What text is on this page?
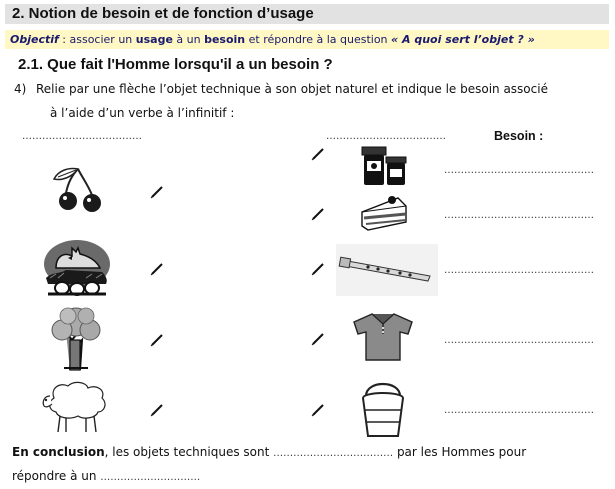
2. Notion de besoin et de fonction d’usage
Objectif : associer un usage à un besoin et répondre à la question « A quoi sert l’objet ? »
2.1. Que fait l'Homme lorsqu'il a un besoin ?
4) Relie par une flèche l’objet technique à son objet naturel et indique le besoin associé
à l’aide d’un verbe à l’infinitif :
………………………………	………………………………	Besoin :
………………………………………
………………………………………
………………………………………
………………………………………
………………………………………
En conclusion, les objets techniques sont ……………………………… par les Hommes pour
répondre à un …………………………
